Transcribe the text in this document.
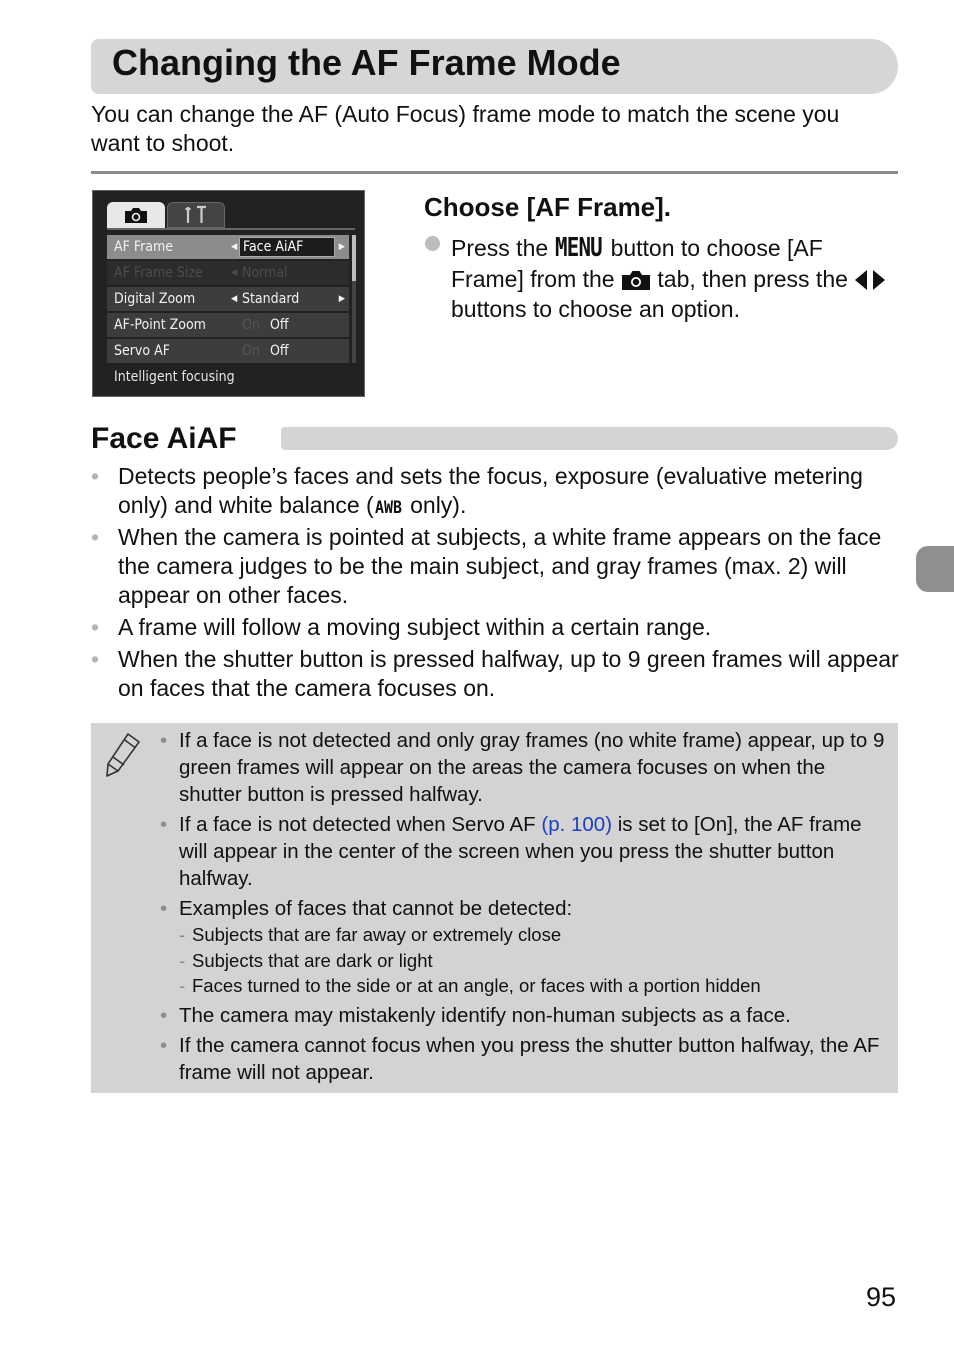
Changing the AF Frame Mode
You can change the AF (Auto Focus) frame mode to match the scene you want to shoot.
AF Frame	◀ Face AiAF	▶
AF Frame Size	◀ Normal
Digital Zoom	◀ Standard	▶
AF-Point Zoom	On Off
Servo AF	On Off
Intelligent focusing
Choose [AF Frame].
Press the MENU button to choose [AF Frame] from the tab, then press the  buttons to choose an option.
Face AiAF
• Detects people’s faces and sets the focus, exposure (evaluative metering only) and white balance ( AWB only).
• When the camera is pointed at subjects, a white frame appears on the face the camera judges to be the main subject, and gray frames (max. 2) will appear on other faces.
• A frame will follow a moving subject within a certain range.
• When the shutter button is pressed halfway, up to 9 green frames will appear on faces that the camera focuses on.
• If a face is not detected and only gray frames (no white frame) appear, up to 9 green frames will appear on the areas the camera focuses on when the shutter button is pressed halfway.
• If a face is not detected when Servo AF (p. 100) is set to [On], the AF frame will appear in the center of the screen when you press the shutter button halfway.
• Examples of faces that cannot be detected:
- Subjects that are far away or extremely close
- Subjects that are dark or light
- Faces turned to the side or at an angle, or faces with a portion hidden
• The camera may mistakenly identify non-human subjects as a face.
• If the camera cannot focus when you press the shutter button halfway, the AF frame will not appear.
95
